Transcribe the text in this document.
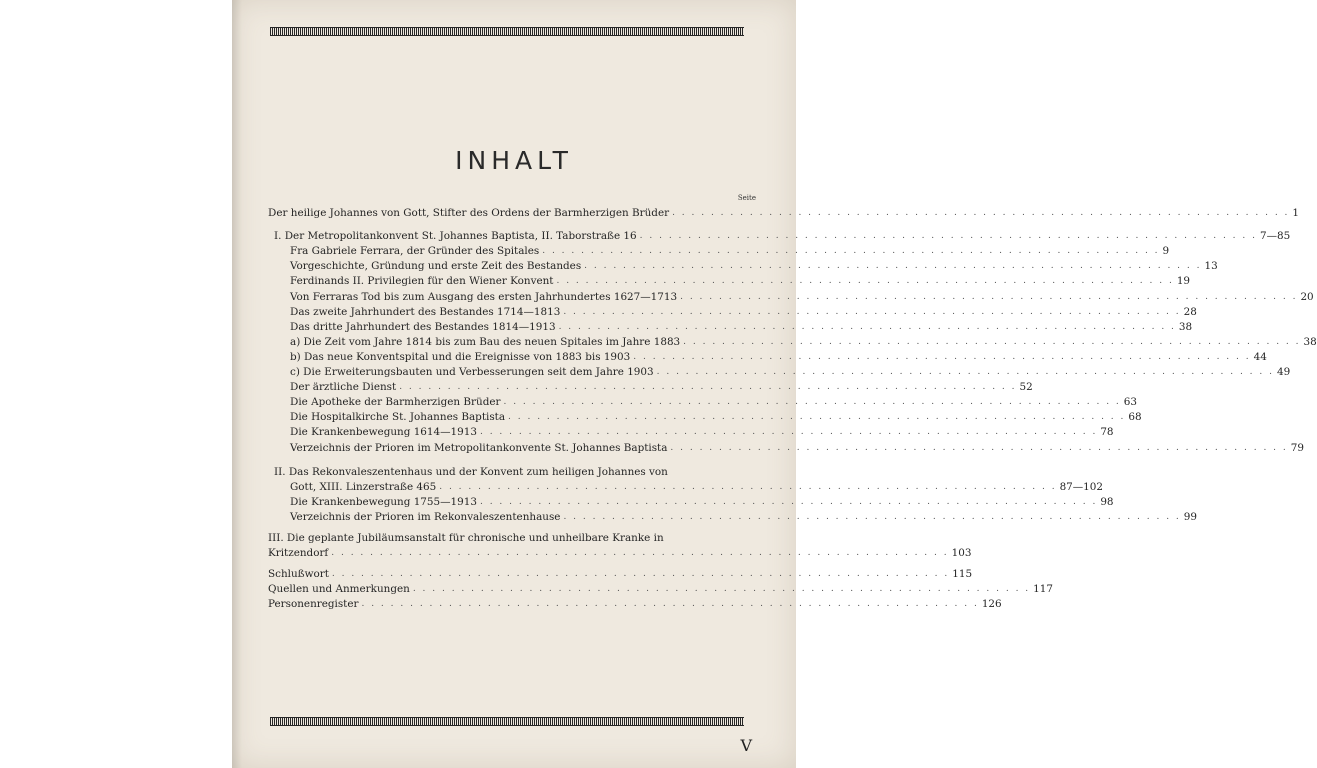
INHALT
Seite
Der heilige Johannes von Gott, Stifter des Ordens der Barmherzigen Brüder . . .	1
I. Der Metropolitankonvent St. Johannes Baptista, II. Taborstraße 16 . . .	7—85
Fra Gabriele Ferrara, der Gründer des Spitales . . .	9
Vorgeschichte, Gründung und erste Zeit des Bestandes . . .	13
Ferdinands II. Privilegien für den Wiener Konvent . . .	19
Von Ferraras Tod bis zum Ausgang des ersten Jahrhundertes 1627—1713 . . .	20
Das zweite Jahrhundert des Bestandes 1714—1813 . . .	28
Das dritte Jahrhundert des Bestandes 1814—1913 . . .	38
a) Die Zeit vom Jahre 1814 bis zum Bau des neuen Spitales im Jahre 1883 . . .	38
b) Das neue Konventspital und die Ereignisse von 1883 bis 1903 . . .	44
c) Die Erweiterungsbauten und Verbesserungen seit dem Jahre 1903 . . .	49
Der ärztliche Dienst . . .	52
Die Apotheke der Barmherzigen Brüder . . .	63
Die Hospitalkirche St. Johannes Baptista . . .	68
Die Krankenbewegung 1614—1913 . . .	78
Verzeichnis der Prioren im Metropolitankonvente St. Johannes Baptista . . .	79
II. Das Rekonvaleszentenhaus und der Konvent zum heiligen Johannes von
Gott, XIII. Linzerstraße 465 . . .	87—102
Die Krankenbewegung 1755—1913 . . .	98
Verzeichnis der Prioren im Rekonvaleszentenhause . . .	99
III. Die geplante Jubiläumsanstalt für chronische und unheilbare Kranke in
Kritzendorf . . .	103
Schlußwort . . .	115
Quellen und Anmerkungen . . .	117
Personenregister . . .	126
V
